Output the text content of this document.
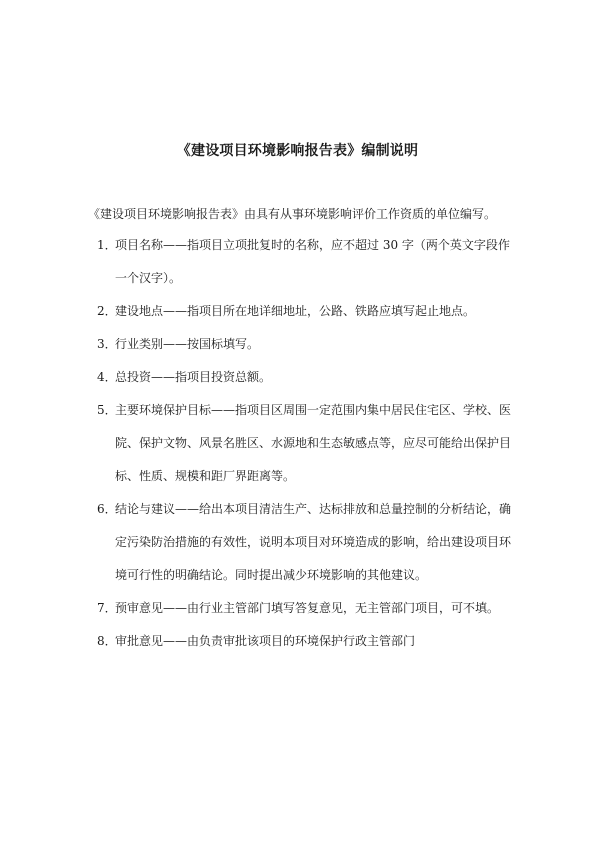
《建设项目环境影响报告表》编制说明
《建设项目环境影响报告表》由具有从事环境影响评价工作资质的单位编写。
1．项目名称——指项目立项批复时的名称，应不超过 30 字（两个英文字段作
一个汉字）。
2．建设地点——指项目所在地详细地址，公路、铁路应填写起止地点。
3．行业类别——按国标填写。
4．总投资——指项目投资总额。
5．主要环境保护目标——指项目区周围一定范围内集中居民住宅区、学校、医
院、保护文物、风景名胜区、水源地和生态敏感点等，应尽可能给出保护目
标、性质、规模和距厂界距离等。
6．结论与建议——给出本项目清洁生产、达标排放和总量控制的分析结论，确
定污染防治措施的有效性，说明本项目对环境造成的影响，给出建设项目环
境可行性的明确结论。同时提出减少环境影响的其他建议。
7．预审意见——由行业主管部门填写答复意见，无主管部门项目，可不填。
8．审批意见——由负责审批该项目的环境保护行政主管部门
